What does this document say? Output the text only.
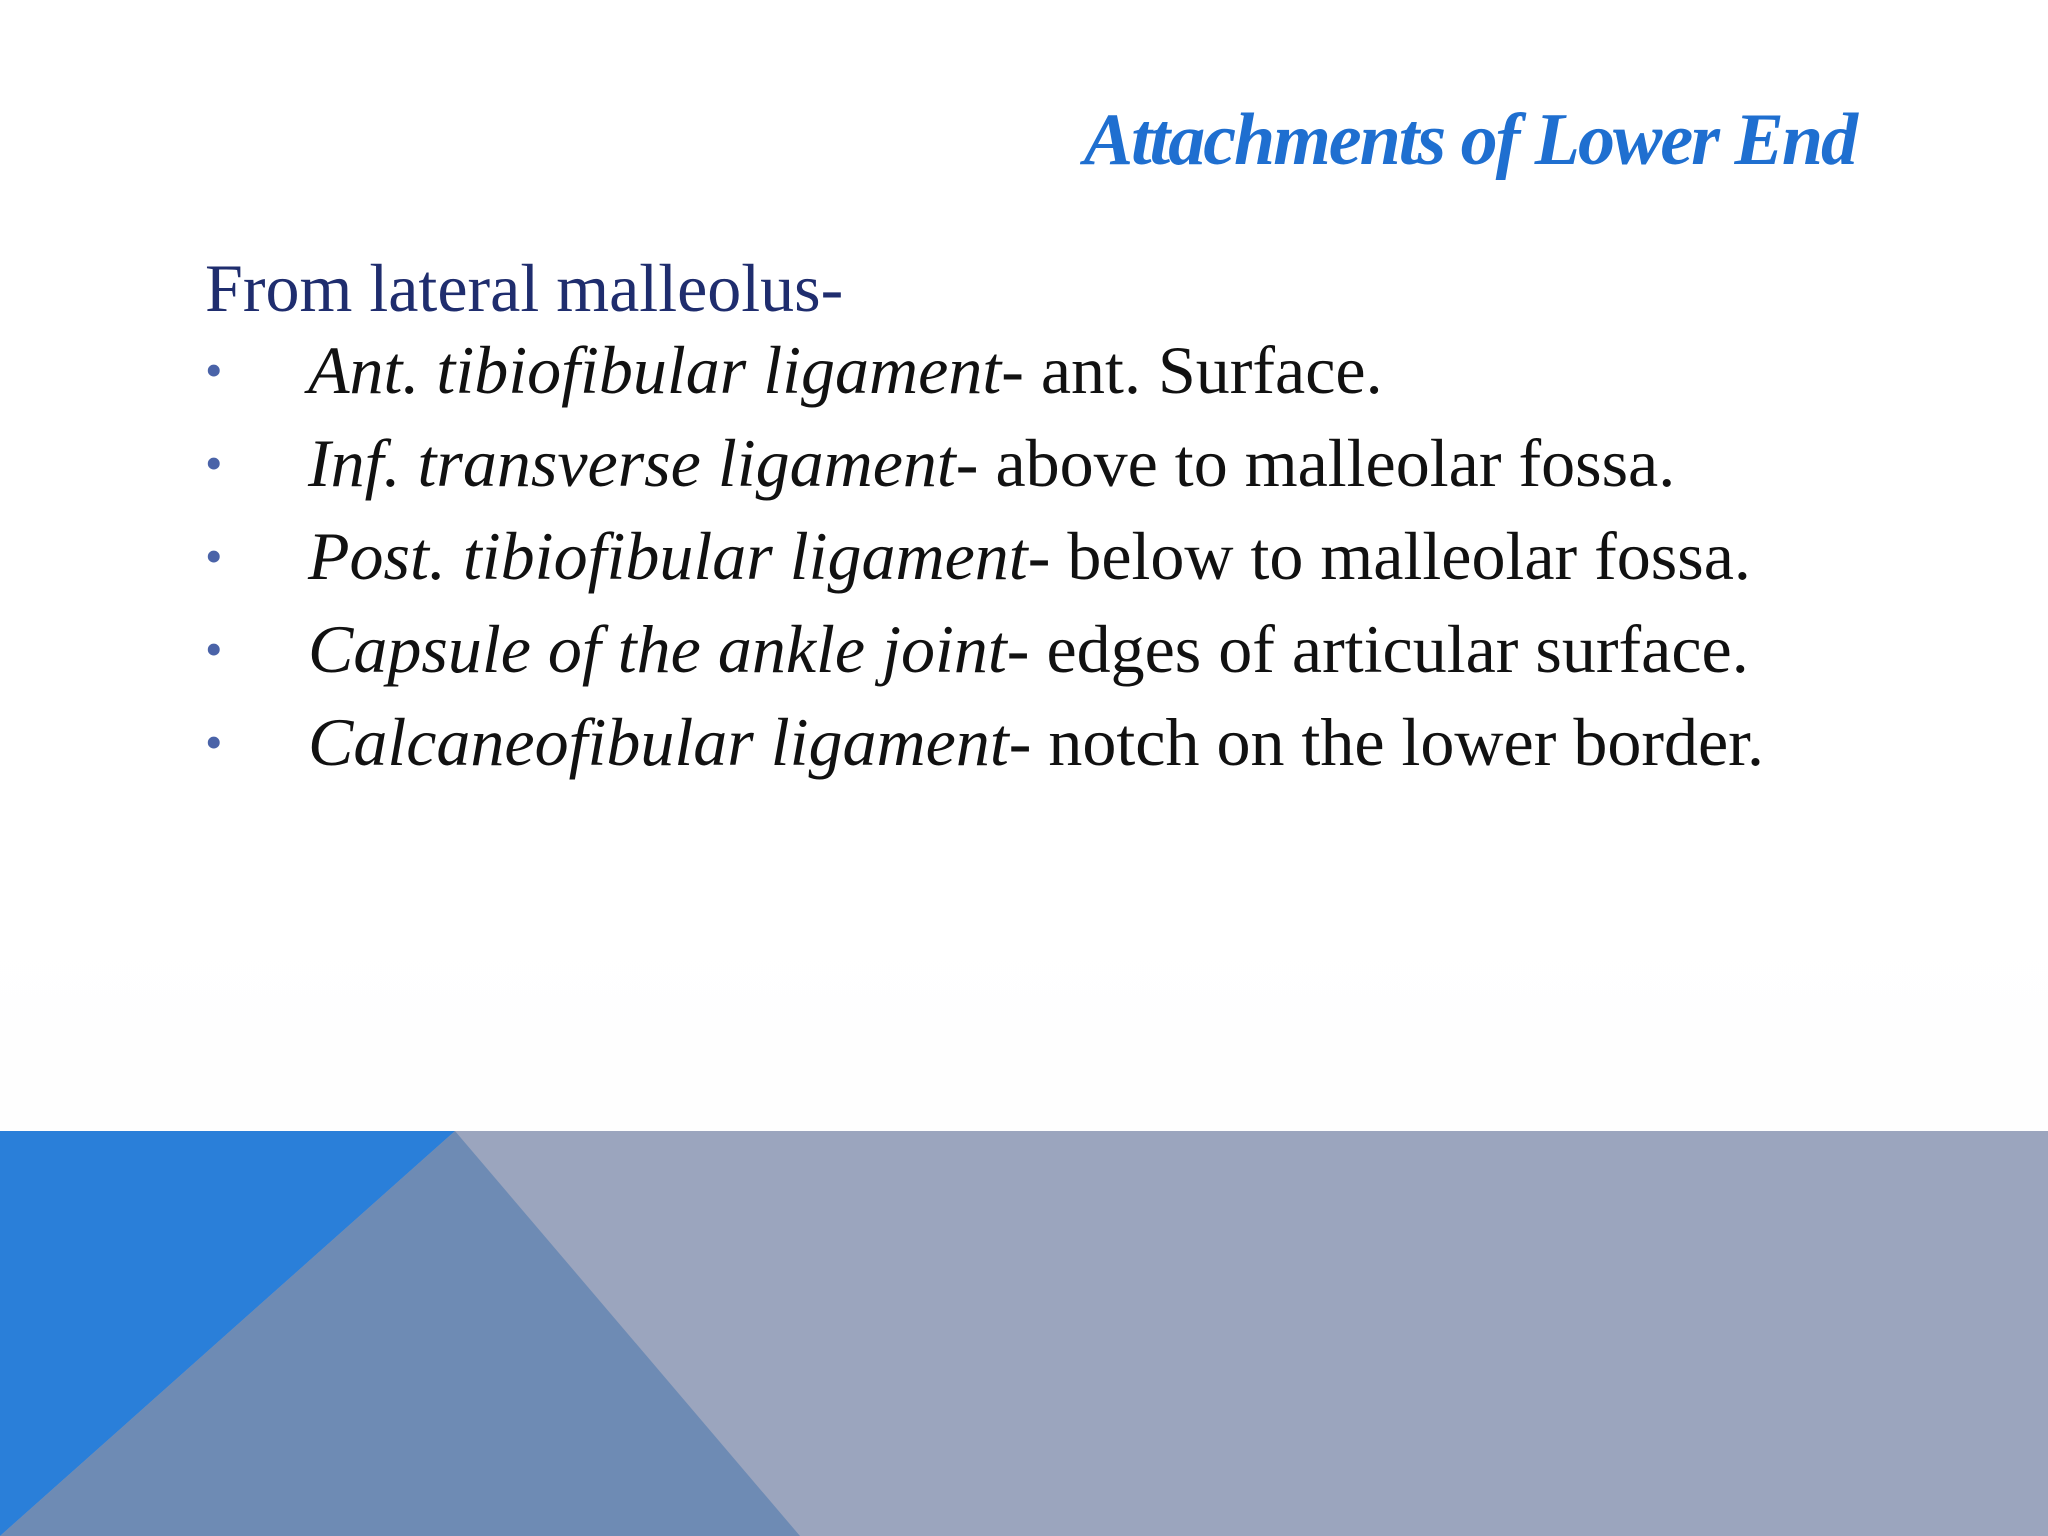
Attachments of Lower End
From lateral malleolus-
•	Ant. tibiofibular ligament- ant. Surface.
•	Inf. transverse ligament- above to malleolar fossa.
•	Post. tibiofibular ligament- below to malleolar fossa.
•	Capsule of the ankle joint- edges of articular surface.
•	Calcaneofibular ligament- notch on the lower border.
